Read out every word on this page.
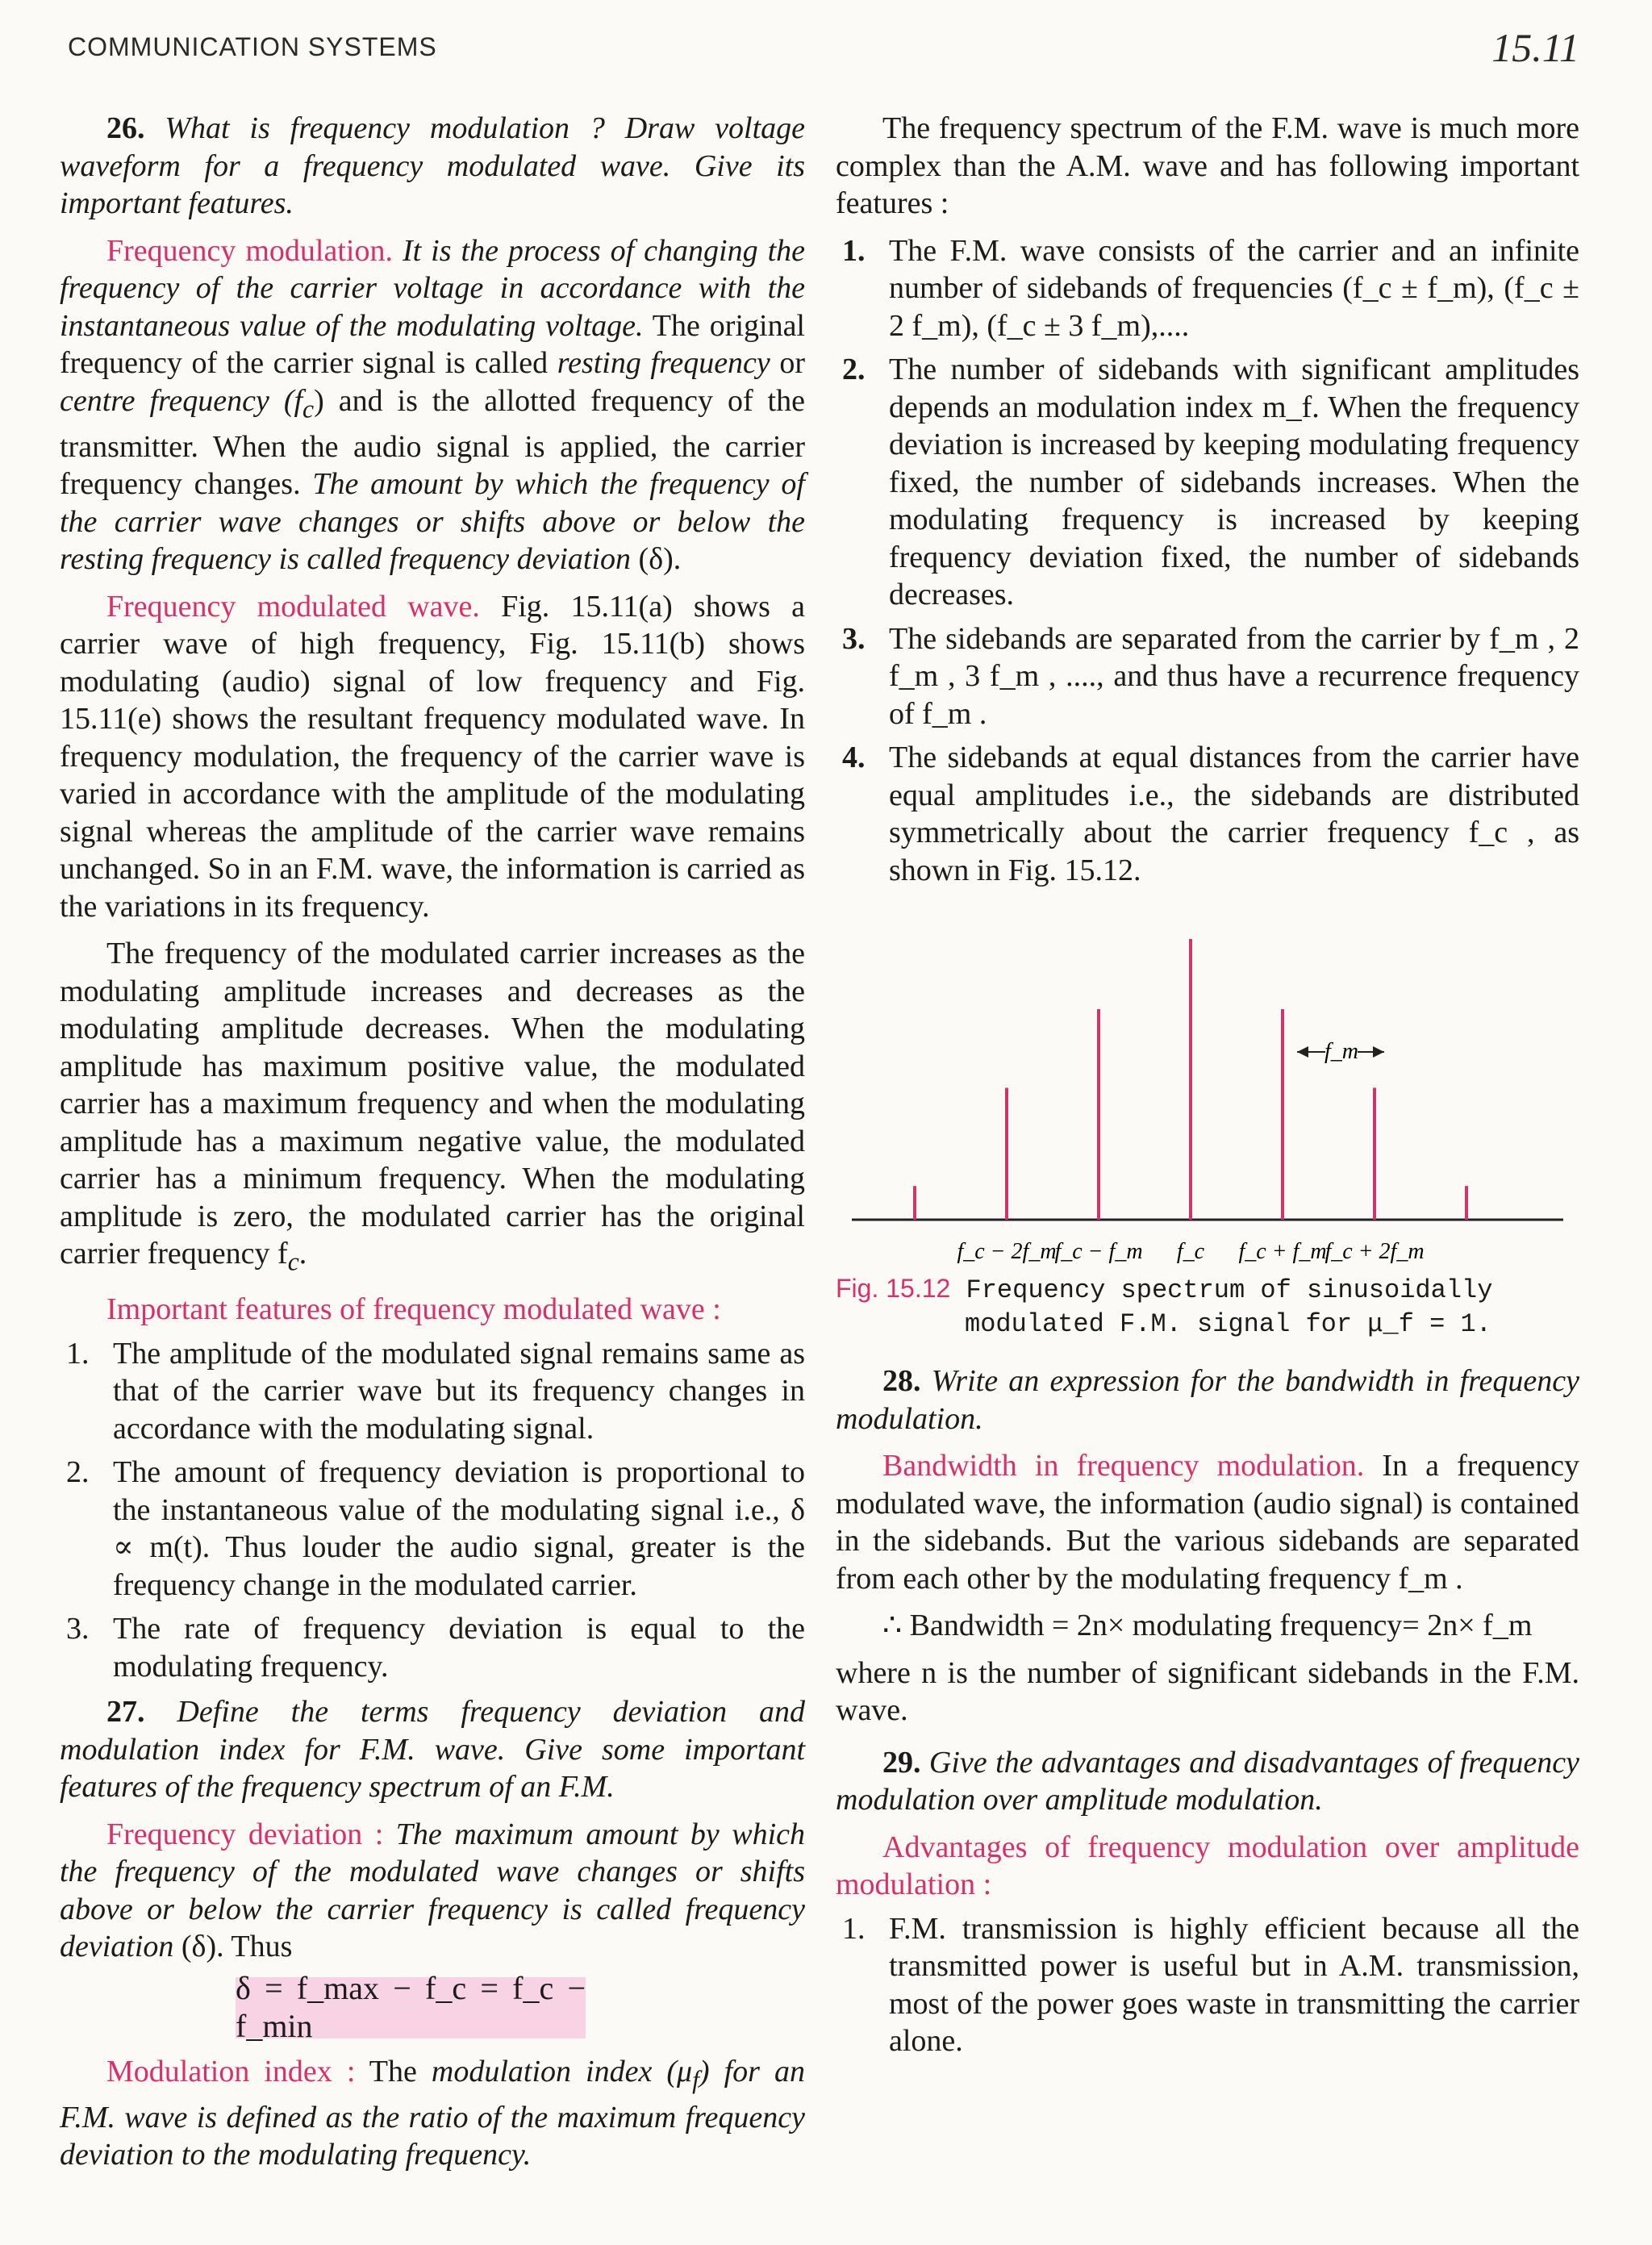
COMMUNICATION SYSTEMS	15.11

26. What is frequency modulation ? Draw voltage waveform for a frequency modulated wave. Give its important features.

Frequency modulation. It is the process of changing the frequency of the carrier voltage in accordance with the instantaneous value of the modulating voltage. The original frequency of the carrier signal is called resting frequency or centre frequency $(f_c)$ and is the allotted frequency of the transmitter. When the audio signal is applied, the carrier frequency changes. The amount by which the frequency of the carrier wave changes or shifts above or below the resting frequency is called frequency deviation (δ).

Frequency modulated wave. Fig. 15.11(a) shows a carrier wave of high frequency, Fig. 15.11(b) shows modulating (audio) signal of low frequency and Fig. 15.11(e) shows the resultant frequency modulated wave. In frequency modulation, the frequency of the carrier wave is varied in accordance with the amplitude of the modulating signal whereas the amplitude of the carrier wave remains unchanged. So in an F.M. wave, the information is carried as the variations in its frequency.

The frequency of the modulated carrier increases as the modulating amplitude increases and decreases as the modulating amplitude decreases. When the modulating amplitude has maximum positive value, the modulated carrier has a maximum frequency and when the modulating amplitude has a maximum negative value, the modulated carrier has a minimum frequency. When the modulating amplitude is zero, the modulated carrier has the original carrier frequency $f_c$.

Important features of frequency modulated wave :

1. The amplitude of the modulated signal remains same as that of the carrier wave but its frequency changes in accordance with the modulating signal.
2. The amount of frequency deviation is proportional to the instantaneous value of the modulating signal i.e., δ ∝ m(t). Thus louder the audio signal, greater is the frequency change in the modulated carrier.
3. The rate of frequency deviation is equal to the modulating frequency.

27. Define the terms frequency deviation and modulation index for F.M. wave. Give some important features of the frequency spectrum of an F.M.

Frequency deviation : The maximum amount by which the frequency of the modulated wave changes or shifts above or below the carrier frequency is called frequency deviation (δ). Thus

δ = f_max − f_c = f_c − f_min

Modulation index : The modulation index $(\mu_f)$ for an F.M. wave is defined as the ratio of the maximum frequency deviation to the modulating frequency.

The frequency spectrum of the F.M. wave is much more complex than the A.M. wave and has following important features :

1. The F.M. wave consists of the carrier and an infinite number of sidebands of frequencies (f_c ± f_m), (f_c ± 2 f_m), (f_c ± 3 f_m),....
2. The number of sidebands with significant amplitudes depends an modulation index m_f. When the frequency deviation is increased by keeping modulating frequency fixed, the number of sidebands increases. When the modulating frequency is increased by keeping frequency deviation fixed, the number of sidebands decreases.
3. The sidebands are separated from the carrier by f_m , 2 f_m , 3 f_m , ...., and thus have a recurrence frequency of f_m .
4. The sidebands at equal distances from the carrier have equal amplitudes i.e., the sidebands are distributed symmetrically about the carrier frequency f_c , as shown in Fig. 15.12.
f_m
f_c − 2f_m
f_c − f_m f_c f_c + f_m
f_c + 2f_m

Fig. 15.12 Frequency spectrum of sinusoidally
modulated F.M. signal for μ_f = 1.

28. Write an expression for the bandwidth in frequency modulation.

Bandwidth in frequency modulation. In a frequency modulated wave, the information (audio signal) is contained in the sidebands. But the various sidebands are separated from each other by the modulating frequency f_m .

∴ Bandwidth = 2n× modulating frequency= 2n× f_m

where n is the number of significant sidebands in the F.M. wave.

29. Give the advantages and disadvantages of frequency modulation over amplitude modulation.

Advantages of frequency modulation over amplitude modulation :

1. F.M. transmission is highly efficient because all the transmitted power is useful but in A.M. transmission, most of the power goes waste in transmitting the carrier alone.
